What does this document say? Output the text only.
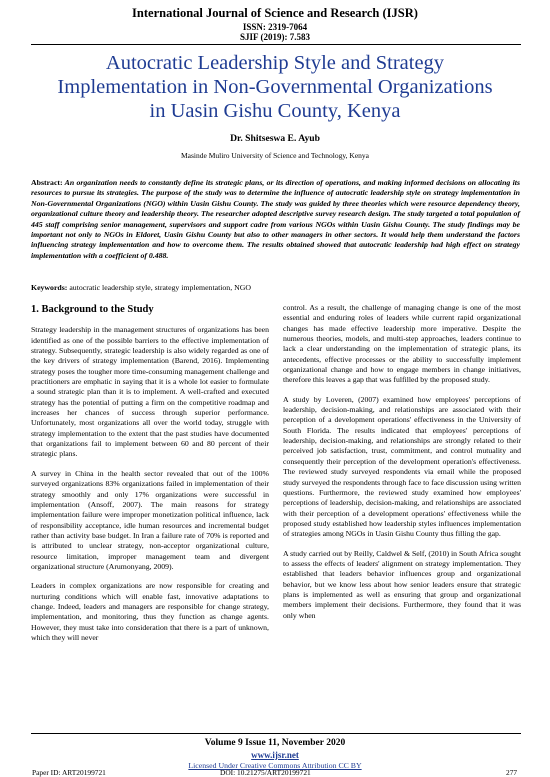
International Journal of Science and Research (IJSR)
ISSN: 2319-7064
SJIF (2019): 7.583
Autocratic Leadership Style and Strategy Implementation in Non-Governmental Organizations in Uasin Gishu County, Kenya
Dr. Shitseswa E. Ayub
Masinde Muliro University of Science and Technology, Kenya

Abstract: An organization needs to constantly define its strategic plans, or its direction of operations, and making informed decisions on allocating its resources to pursue its strategies. The purpose of the study was to determine the influence of autocratic leadership style on strategy implementation in Non-Governmental Organizations (NGO) within Uasin Gishu County. The study was guided by three theories which were resource dependency theory, organizational culture theory and leadership theory. The researcher adopted descriptive survey research design. The study targeted a total population of 445 staff comprising senior management, supervisors and support cadre from various NGOs within Uasin Gishu County. The study findings may be important not only to NGOs in Eldoret, Uasin Gishu County but also to other managers in other sectors. It would help them understand the factors influencing strategy implementation and how to overcome them. The results obtained showed that autocratic leadership had high effect on strategy implementation with a coefficient of 0.488.

Keywords: autocratic leadership style, strategy implementation, NGO

1. Background to the Study

Strategy leadership in the management structures of organizations has been identified as one of the possible barriers to the effective implementation of strategy. Subsequently, strategic leadership is also widely regarded as one of the key drivers of strategy implementation (Barend, 2016). Implementing strategy poses the tougher more time-consuming management challenge and practitioners are emphatic in saying that it is a whole lot easier to formulate a sound strategic plan than it is to implement. A well-crafted and executed strategy has the potential of putting a firm on the competitive roadmap and increases her chances of success through superior performance. Unfortunately, most organizations all over the world today, struggle with strategy implementation to the extent that the past studies have documented that organizations fail to implement between 60 and 80 percent of their strategic plans.

A survey in China in the health sector revealed that out of the 100% surveyed organizations 83% organizations failed in implementation of their strategy smoothly and only 17% organizations were successful in implementation (Ansoff, 2007). The main reasons for strategy implementation failure were improper monetization political influence, lack of responsibility acceptance, idle human resources and incremental budget rather than activity base budget. In Iran a failure rate of 70% is reported and is attributed to unclear strategy, non-acceptor organizational culture, resource limitation, improper management team and divergent organizational structure (Arumonyang, 2009).

Leaders in complex organizations are now responsible for creating and nurturing conditions which will enable fast, innovative adaptations to change. Indeed, leaders and managers are responsible for change strategy, implementation, and monitoring, thus they function as change agents. However, they must take into consideration that there is a part of unknown, which they will never

control. As a result, the challenge of managing change is one of the most essential and enduring roles of leaders while current rapid organizational changes has made effective leadership more imperative. Despite the numerous theories, models, and multi-step approaches, leaders continue to lack a clear understanding on the implementation of strategic plans, its antecedents, effective processes or the ability to successfully implement organizational change and how to engage members in change initiatives, therefore this leaves a gap that was fulfilled by the proposed study.

A study by Loveren, (2007) examined how employees' perceptions of leadership, decision-making, and relationships are associated with their perception of a development operations' effectiveness in the University of South Florida. The results indicated that employees' perceptions of leadership, decision-making, and relationships are strongly related to their perceived job satisfaction, trust, commitment, and control mutuality and consequently their perception of the development operation's effectiveness. The reviewed study surveyed respondents via email while the proposed study surveyed the respondents through face to face discussion using written questions. Furthermore, the reviewed study examined how employees' perceptions of leadership, decision-making, and relationships are associated with their perception of a development operations' effectiveness while the proposed study established how leadership styles influences implementation of strategies among NGOs in Uasin Gishu County thus filling the gap.

A study carried out by Reilly, Caldwel & Self, (2010) in South Africa sought to assess the effects of leaders' alignment on strategy implementation. They established that leaders behavior influences group and organizational behavior, but we know less about how senior leaders ensure that strategic plans is implemented as well as ensuring that group and organizational members implement their decisions. Furthermore, they found that it was only when

Volume 9 Issue 11, November 2020
www.ijsr.net
Licensed Under Creative Commons Attribution CC BY
Paper ID: ART20199721	DOI: 10.21275/ART20199721	277
